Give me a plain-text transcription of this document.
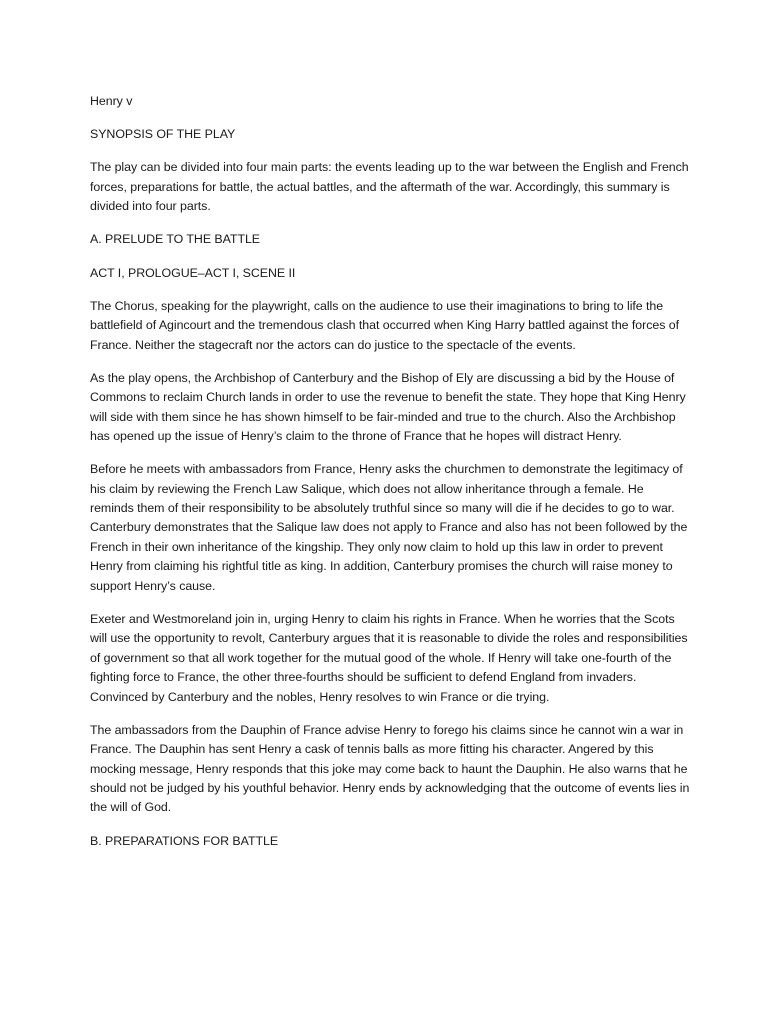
Henry v

SYNOPSIS OF THE PLAY

The play can be divided into four main parts: the events leading up to the war between the English and French forces, preparations for battle, the actual battles, and the aftermath of the war. Accordingly, this summary is divided into four parts.

A. PRELUDE TO THE BATTLE

ACT I, PROLOGUE–ACT I, SCENE II

The Chorus, speaking for the playwright, calls on the audience to use their imaginations to bring to life the battlefield of Agincourt and the tremendous clash that occurred when King Harry battled against the forces of France. Neither the stagecraft nor the actors can do justice to the spectacle of the events.

As the play opens, the Archbishop of Canterbury and the Bishop of Ely are discussing a bid by the House of Commons to reclaim Church lands in order to use the revenue to benefit the state. They hope that King Henry will side with them since he has shown himself to be fair-minded and true to the church. Also the Archbishop has opened up the issue of Henry’s claim to the throne of France that he hopes will distract Henry.

Before he meets with ambassadors from France, Henry asks the churchmen to demonstrate the legitimacy of his claim by reviewing the French Law Salique, which does not allow inheritance through a female. He reminds them of their responsibility to be absolutely truthful since so many will die if he decides to go to war. Canterbury demonstrates that the Salique law does not apply to France and also has not been followed by the French in their own inheritance of the kingship. They only now claim to hold up this law in order to prevent Henry from claiming his rightful title as king. In addition, Canterbury promises the church will raise money to support Henry’s cause.

Exeter and Westmoreland join in, urging Henry to claim his rights in France. When he worries that the Scots will use the opportunity to revolt, Canterbury argues that it is reasonable to divide the roles and responsibilities of government so that all work together for the mutual good of the whole. If Henry will take one-fourth of the fighting force to France, the other three-fourths should be sufficient to defend England from invaders. Convinced by Canterbury and the nobles, Henry resolves to win France or die trying.

The ambassadors from the Dauphin of France advise Henry to forego his claims since he cannot win a war in France. The Dauphin has sent Henry a cask of tennis balls as more fitting his character. Angered by this mocking message, Henry responds that this joke may come back to haunt the Dauphin. He also warns that he should not be judged by his youthful behavior. Henry ends by acknowledging that the outcome of events lies in the will of God.

B. PREPARATIONS FOR BATTLE
